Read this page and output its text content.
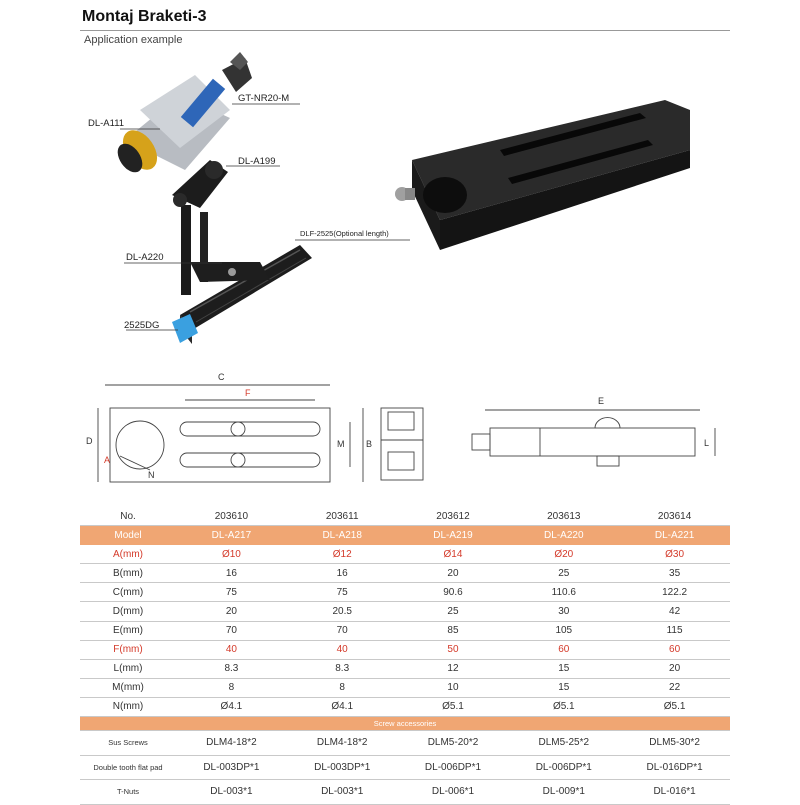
Montaj Braketi-3
Application example
GT-NR20-M
DL-A111
DL-A199
DLF-2525(Optional length)
DL-A220
2525DG
C
F
D
A
N
M B
E
L
No.	203610	203611	203612	203613	203614
Model	DL-A217	DL-A218	DL-A219	DL-A220	DL-A221
A(mm)	Ø10	Ø12	Ø14	Ø20	Ø30
B(mm)	16	16	20	25	35
C(mm)	75	75	90.6	110.6	122.2
D(mm)	20	20.5	25	30	42
E(mm)	70	70	85	105	115
F(mm)	40	40	50	60	60
L(mm)	8.3	8.3	12	15	20
M(mm)	8	8	10	15	22
N(mm)	Ø4.1	Ø4.1	Ø5.1	Ø5.1	Ø5.1
Screw accessories					
Sus Screws	DLM4-18*2	DLM4-18*2	DLM5-20*2	DLM5-25*2	DLM5-30*2
Double tooth flat pad	DL-003DP*1	DL-003DP*1	DL-006DP*1	DL-006DP*1	DL-016DP*1
T-Nuts	DL-003*1	DL-003*1	DL-006*1	DL-009*1	DL-016*1
